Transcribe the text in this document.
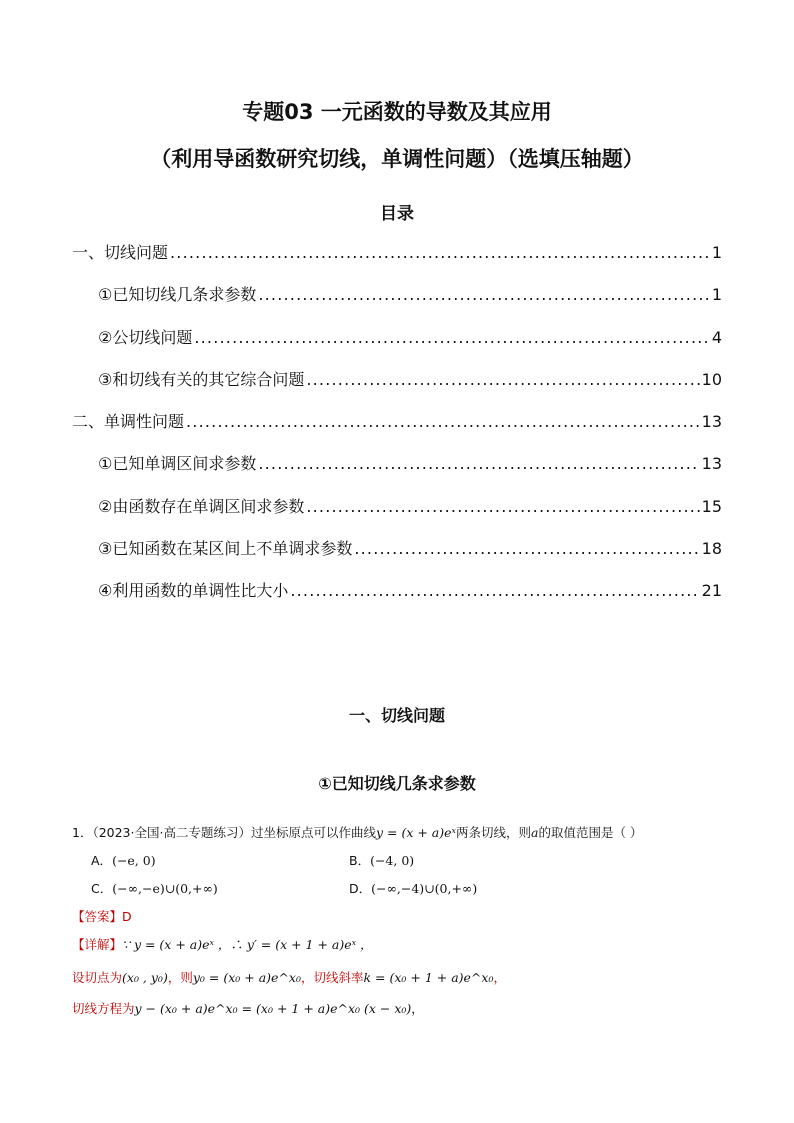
专题03 一元函数的导数及其应用
（利用导函数研究切线，单调性问题）（选填压轴题）
目录
一、切线问题 .....	1
①已知切线几条求参数 .....	1
②公切线问题 .....	4
③和切线有关的其它综合问题 .....	10
二、单调性问题 .....	13
①已知单调区间求参数 .....	13
②由函数存在单调区间求参数 .....	15
③已知函数在某区间上不单调求参数 .....	18
④利用函数的单调性比大小 .....	21
一、切线问题
①已知切线几条求参数
1．（2023·全国·高二专题练习）过坐标原点可以作曲线y = (x + a)eˣ两条切线，则a的取值范围是（ ）
A．(−e, 0)	B．(−4, 0)
C．(−∞,−e)∪(0,+∞)	D．(−∞,−4)∪(0,+∞)
【答案】D
【详解】∵ y = (x + a)eˣ ，∴ y′ = (x + 1 + a)eˣ ，
设切点为(x₀ , y₀)，则y₀ = (x₀ + a)e^x₀，切线斜率k = (x₀ + 1 + a)e^x₀，
切线方程为y − (x₀ + a)e^x₀ = (x₀ + 1 + a)e^x₀ (x − x₀)，
